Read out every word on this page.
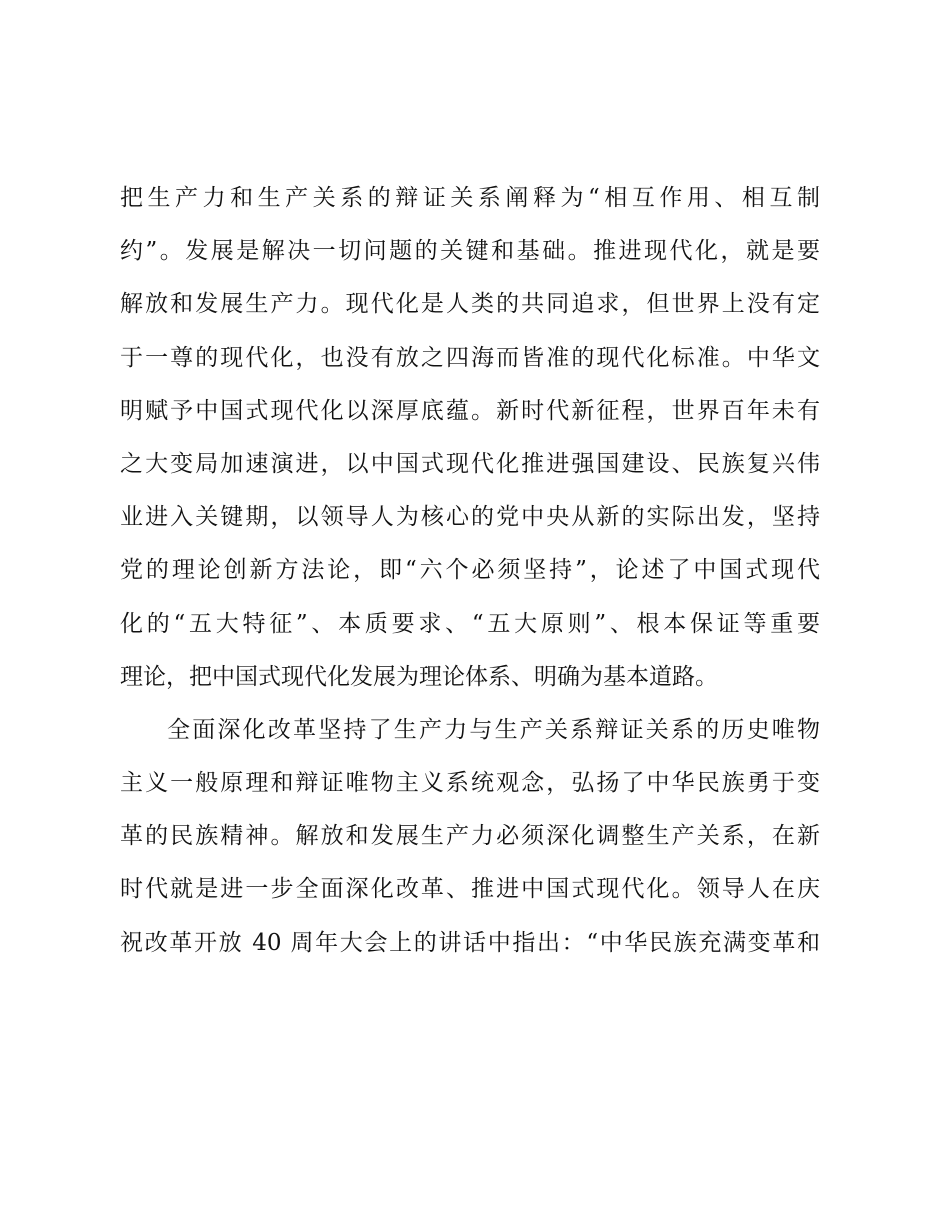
把生产力和生产关系的辩证关系阐释为“相互作用、相互制
约”。发展是解决一切问题的关键和基础。推进现代化，就是要
解放和发展生产力。现代化是人类的共同追求，但世界上没有定
于一尊的现代化，也没有放之四海而皆准的现代化标准。中华文
明赋予中国式现代化以深厚底蕴。新时代新征程，世界百年未有
之大变局加速演进，以中国式现代化推进强国建设、民族复兴伟
业进入关键期，以领导人为核心的党中央从新的实际出发，坚持
党的理论创新方法论，即“六个必须坚持”，论述了中国式现代
化的“五大特征”、本质要求、“五大原则”、根本保证等重要
理论，把中国式现代化发展为理论体系、明确为基本道路。
全面深化改革坚持了生产力与生产关系辩证关系的历史唯物
主义一般原理和辩证唯物主义系统观念，弘扬了中华民族勇于变
革的民族精神。解放和发展生产力必须深化调整生产关系，在新
时代就是进一步全面深化改革、推进中国式现代化。领导人在庆
祝改革开放 40 周年大会上的讲话中指出：“中华民族充满变革和
